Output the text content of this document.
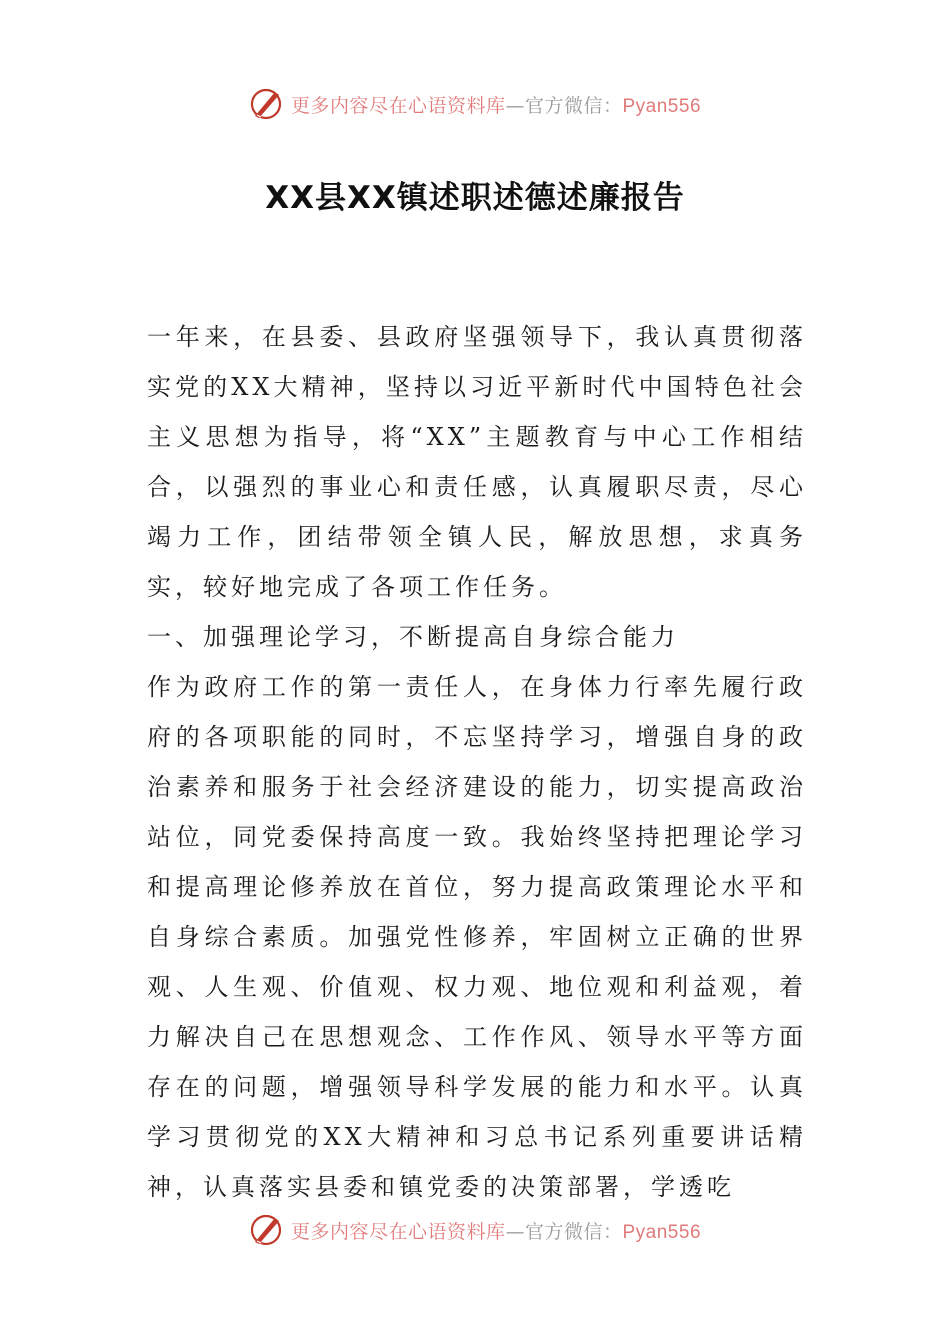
更多内容尽在心语资料库—官方微信：Pyan556
XX县XX镇述职述德述廉报告

一年来，在县委、县政府坚强领导下，我认真贯彻落实党的XX大精神，坚持以习近平新时代中国特色社会主义思想为指导，将“XX”主题教育与中心工作相结合，以强烈的事业心和责任感，认真履职尽责，尽心竭力工作，团结带领全镇人民，解放思想，求真务实，较好地完成了各项工作任务。

一、加强理论学习，不断提高自身综合能力

作为政府工作的第一责任人，在身体力行率先履行政府的各项职能的同时，不忘坚持学习，增强自身的政治素养和服务于社会经济建设的能力，切实提高政治站位，同党委保持高度一致。我始终坚持把理论学习和提高理论修养放在首位，努力提高政策理论水平和自身综合素质。加强党性修养，牢固树立正确的世界观、人生观、价值观、权力观、地位观和利益观，着力解决自己在思想观念、工作作风、领导水平等方面存在的问题，增强领导科学发展的能力和水平。认真学习贯彻党的XX大精神和习总书记系列重要讲话精神，认真落实县委和镇党委的决策部署，学透吃

更多内容尽在心语资料库—官方微信：Pyan556
